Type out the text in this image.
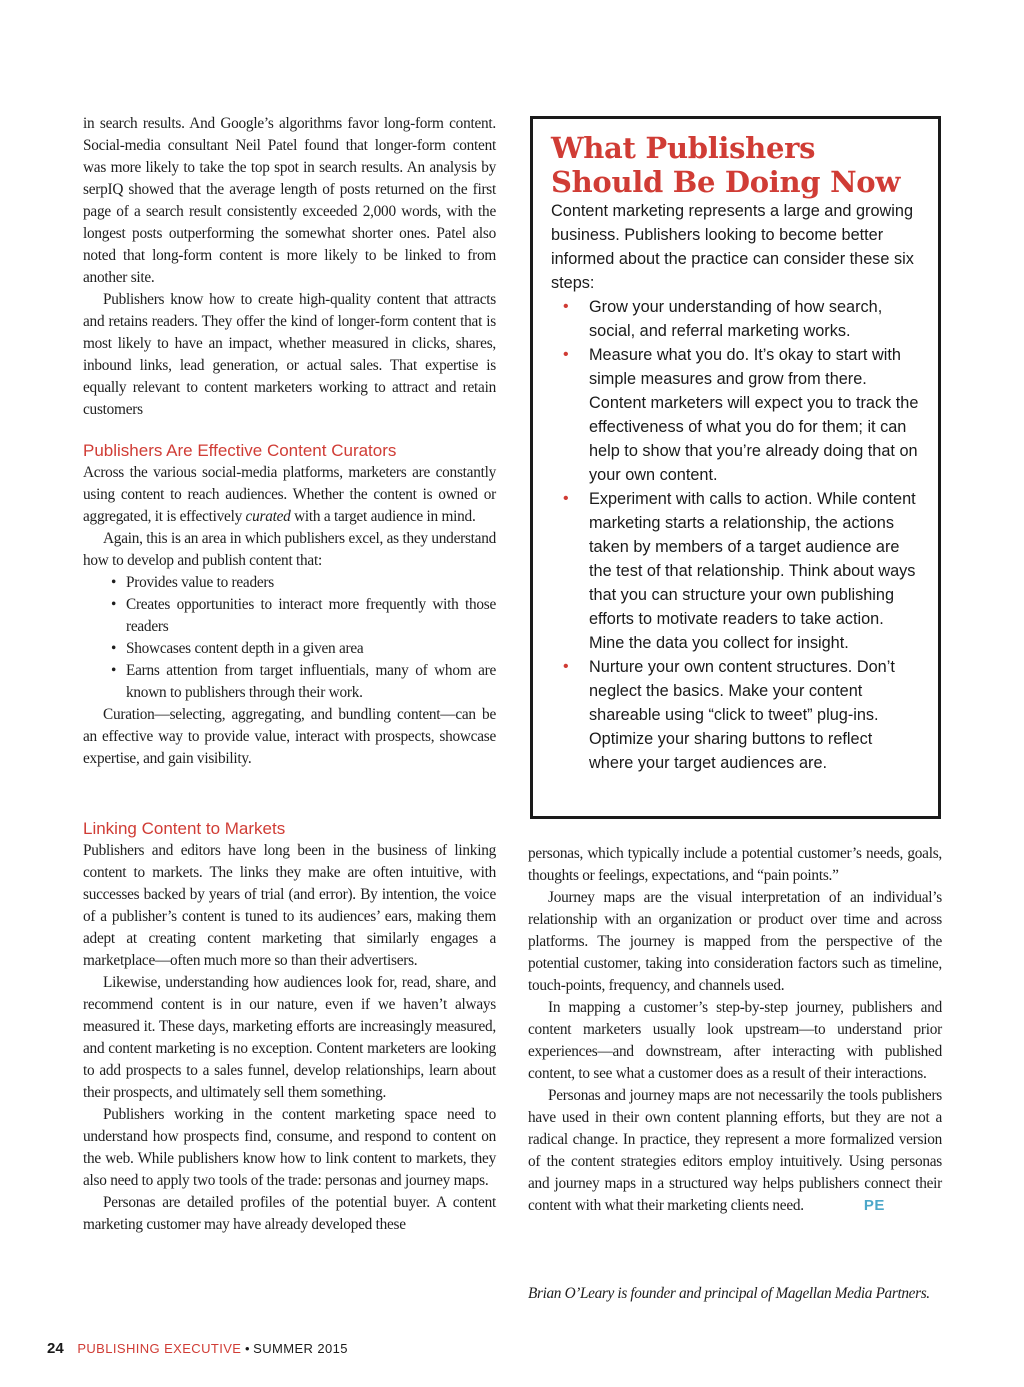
in search results. And Google’s algorithms favor long-form content. Social-media consultant Neil Patel found that longer-form content was more likely to take the top spot in search results. An analysis by serpIQ showed that the average length of posts returned on the first page of a search result consistently exceeded 2,000 words, with the longest posts outperforming the somewhat shorter ones. Patel also noted that long-form content is more likely to be linked to from another site.

Publishers know how to create high-quality content that attracts and retains readers. They offer the kind of longer-form content that is most likely to have an impact, whether measured in clicks, shares, inbound links, lead generation, or actual sales. That expertise is equally relevant to content marketers working to attract and retain customers

Publishers Are Effective Content Curators

Across the various social-media platforms, marketers are constantly using content to reach audiences. Whether the content is owned or aggregated, it is effectively curated with a target audience in mind.

Again, this is an area in which publishers excel, as they understand how to develop and publish content that:

• Provides value to readers
• Creates opportunities to interact more frequently with those readers
• Showcases content depth in a given area
• Earns attention from target influentials, many of whom are known to publishers through their work.

Curation—selecting, aggregating, and bundling content—can be an effective way to provide value, interact with prospects, showcase expertise, and gain visibility.

What Publishers
Should Be Doing Now

Content marketing represents a large and growing business. Publishers looking to become better informed about the practice can consider these six steps:

• Grow your understanding of how search, social, and referral marketing works.
• Measure what you do. It’s okay to start with simple measures and grow from there. Content marketers will expect you to track the effectiveness of what you do for them; it can help to show that you’re already doing that on your own content.
• Experiment with calls to action. While content marketing starts a relationship, the actions taken by members of a target audience are the test of that relationship. Think about ways that you can structure your own publishing efforts to motivate readers to take action. Mine the data you collect for insight.
• Nurture your own content structures. Don’t neglect the basics. Make your content shareable using “click to tweet” plug-ins. Optimize your sharing buttons to reflect where your target audiences are.
Linking Content to Markets

Publishers and editors have long been in the business of linking content to markets. The links they make are often intuitive, with successes backed by years of trial (and error). By intention, the voice of a publisher’s content is tuned to its audiences’ ears, making them adept at creating content marketing that similarly engages a marketplace—often much more so than their advertisers.

Likewise, understanding how audiences look for, read, share, and recommend content is in our nature, even if we haven’t always measured it. These days, marketing efforts are increasingly measured, and content marketing is no exception. Content marketers are looking to add prospects to a sales funnel, develop relationships, learn about their prospects, and ultimately sell them something.

Publishers working in the content marketing space need to understand how prospects find, consume, and respond to content on the web. While publishers know how to link content to markets, they also need to apply two tools of the trade: personas and journey maps.

Personas are detailed profiles of the potential buyer. A content marketing customer may have already developed these

personas, which typically include a potential customer’s needs, goals, thoughts or feelings, expectations, and “pain points.”

Journey maps are the visual interpretation of an individual’s relationship with an organization or product over time and across platforms. The journey is mapped from the perspective of the potential customer, taking into consideration factors such as timeline, touch-points, frequency, and channels used.

In mapping a customer’s step-by-step journey, publishers and content marketers usually look upstream—to understand prior experiences—and downstream, after interacting with published content, to see what a customer does as a result of their interactions.

Personas and journey maps are not necessarily the tools publishers have used in their own content planning efforts, but they are not a radical change. In practice, they represent a more formalized version of the content strategies editors employ intuitively. Using personas and journey maps in a structured way helps publishers connect their content with what their marketing clients need.	PE

Brian O’Leary is founder and principal of Magellan Media Partners.
24 PUBLISHING EXECUTIVE • SUMMER 2015
